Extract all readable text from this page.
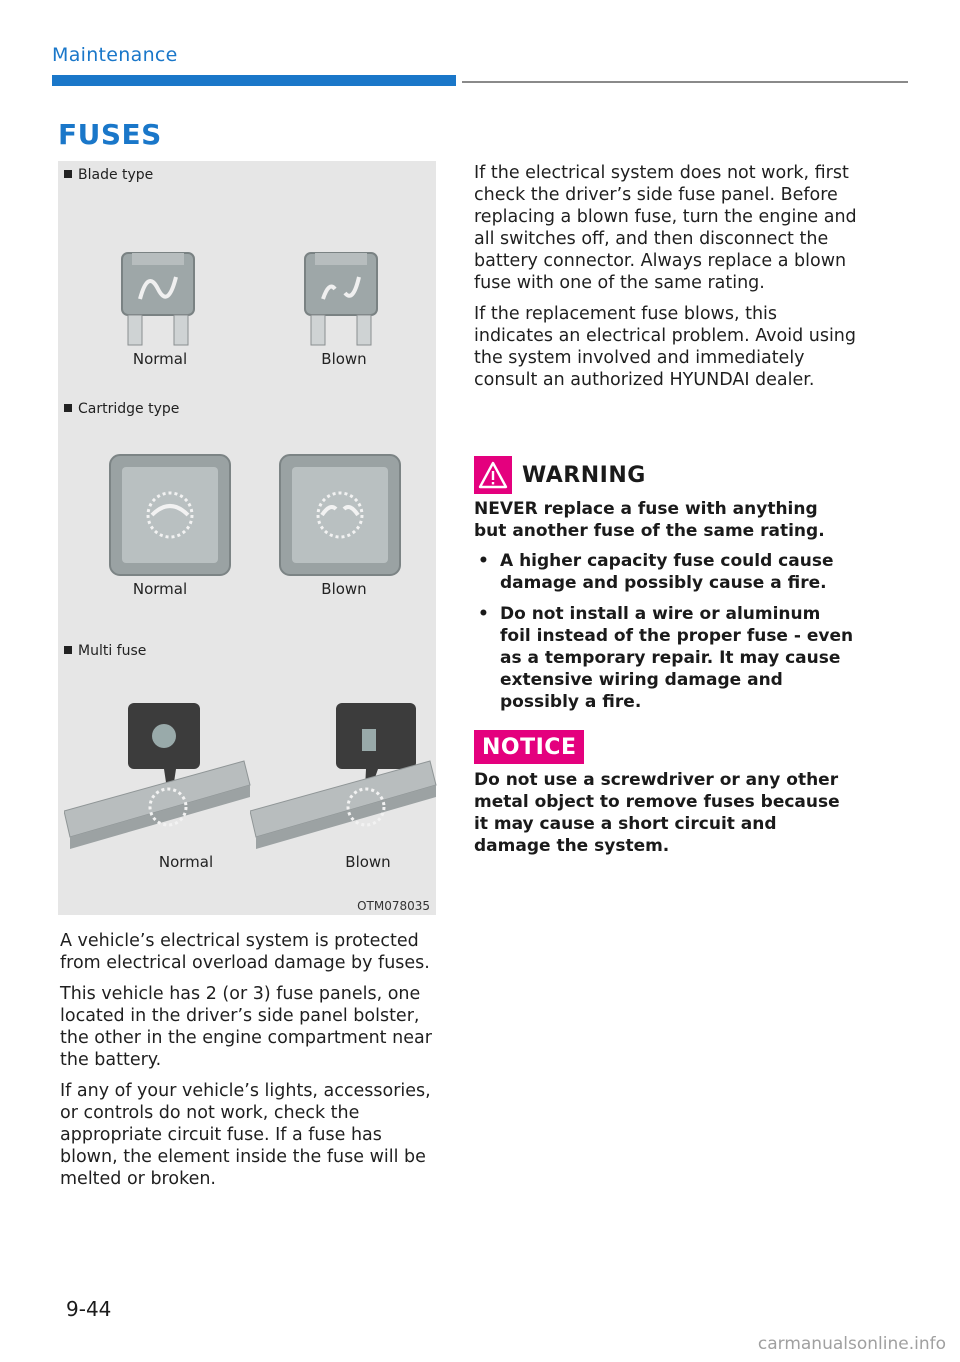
Maintenance
FUSES
Blade type
Normal	Blown
Cartridge type
Normal	Blown
Multi fuse
Normal	Blown
OTM078035

A vehicle’s electrical system is protected from electrical overload damage by fuses.

This vehicle has 2 (or 3) fuse panels, one located in the driver’s side panel bolster, the other in the engine compartment near the battery.

If any of your vehicle’s lights, accessories, or controls do not work, check the appropriate circuit fuse. If a fuse has blown, the element inside the fuse will be melted or broken.

If the electrical system does not work, first check the driver’s side fuse panel. Before replacing a blown fuse, turn the engine and all switches off, and then disconnect the battery connector. Always replace a blown fuse with one of the same rating.

If the replacement fuse blows, this indicates an electrical problem. Avoid using the system involved and immediately consult an authorized HYUNDAI dealer.

WARNING

NEVER replace a fuse with anything but another fuse of the same rating.

• A higher capacity fuse could cause damage and possibly cause a fire.
• Do not install a wire or aluminum foil instead of the proper fuse - even as a temporary repair. It may cause extensive wiring damage and possibly a fire.
NOTICE
Do not use a screwdriver or any other metal object to remove fuses because it may cause a short circuit and damage the system.
9-44
carmanualsonline.info
